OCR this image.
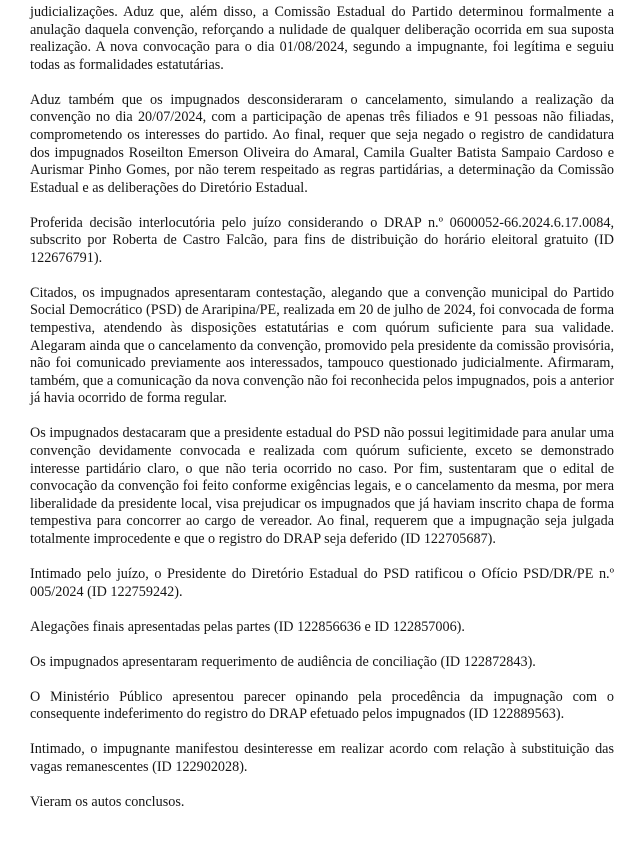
judicializações. Aduz que, além disso, a Comissão Estadual do Partido determinou formalmente a anulação daquela convenção, reforçando a nulidade de qualquer deliberação ocorrida em sua suposta realização. A nova convocação para o dia 01/08/2024, segundo a impugnante, foi legítima e seguiu todas as formalidades estatutárias.

Aduz também que os impugnados desconsideraram o cancelamento, simulando a realização da convenção no dia 20/07/2024, com a participação de apenas três filiados e 91 pessoas não filiadas, comprometendo os interesses do partido. Ao final, requer que seja negado o registro de candidatura dos impugnados Roseilton Emerson Oliveira do Amaral, Camila Gualter Batista Sampaio Cardoso e Aurismar Pinho Gomes, por não terem respeitado as regras partidárias, a determinação da Comissão Estadual e as deliberações do Diretório Estadual.

Proferida decisão interlocutória pelo juízo considerando o DRAP n.º 0600052-66.2024.6.17.0084, subscrito por Roberta de Castro Falcão, para fins de distribuição do horário eleitoral gratuito (ID 122676791).

Citados, os impugnados apresentaram contestação, alegando que a convenção municipal do Partido Social Democrático (PSD) de Araripina/PE, realizada em 20 de julho de 2024, foi convocada de forma tempestiva, atendendo às disposições estatutárias e com quórum suficiente para sua validade. Alegaram ainda que o cancelamento da convenção, promovido pela presidente da comissão provisória, não foi comunicado previamente aos interessados, tampouco questionado judicialmente. Afirmaram, também, que a comunicação da nova convenção não foi reconhecida pelos impugnados, pois a anterior já havia ocorrido de forma regular.

Os impugnados destacaram que a presidente estadual do PSD não possui legitimidade para anular uma convenção devidamente convocada e realizada com quórum suficiente, exceto se demonstrado interesse partidário claro, o que não teria ocorrido no caso. Por fim, sustentaram que o edital de convocação da convenção foi feito conforme exigências legais, e o cancelamento da mesma, por mera liberalidade da presidente local, visa prejudicar os impugnados que já haviam inscrito chapa de forma tempestiva para concorrer ao cargo de vereador. Ao final, requerem que a impugnação seja julgada totalmente improcedente e que o registro do DRAP seja deferido (ID 122705687).

Intimado pelo juízo, o Presidente do Diretório Estadual do PSD ratificou o Ofício PSD/DR/PE n.º 005/2024 (ID 122759242).

Alegações finais apresentadas pelas partes (ID 122856636 e ID 122857006).

Os impugnados apresentaram requerimento de audiência de conciliação (ID 122872843).

O Ministério Público apresentou parecer opinando pela procedência da impugnação com o consequente indeferimento do registro do DRAP efetuado pelos impugnados (ID 122889563).

Intimado, o impugnante manifestou desinteresse em realizar acordo com relação à substituição das vagas remanescentes (ID 122902028).

Vieram os autos conclusos.
